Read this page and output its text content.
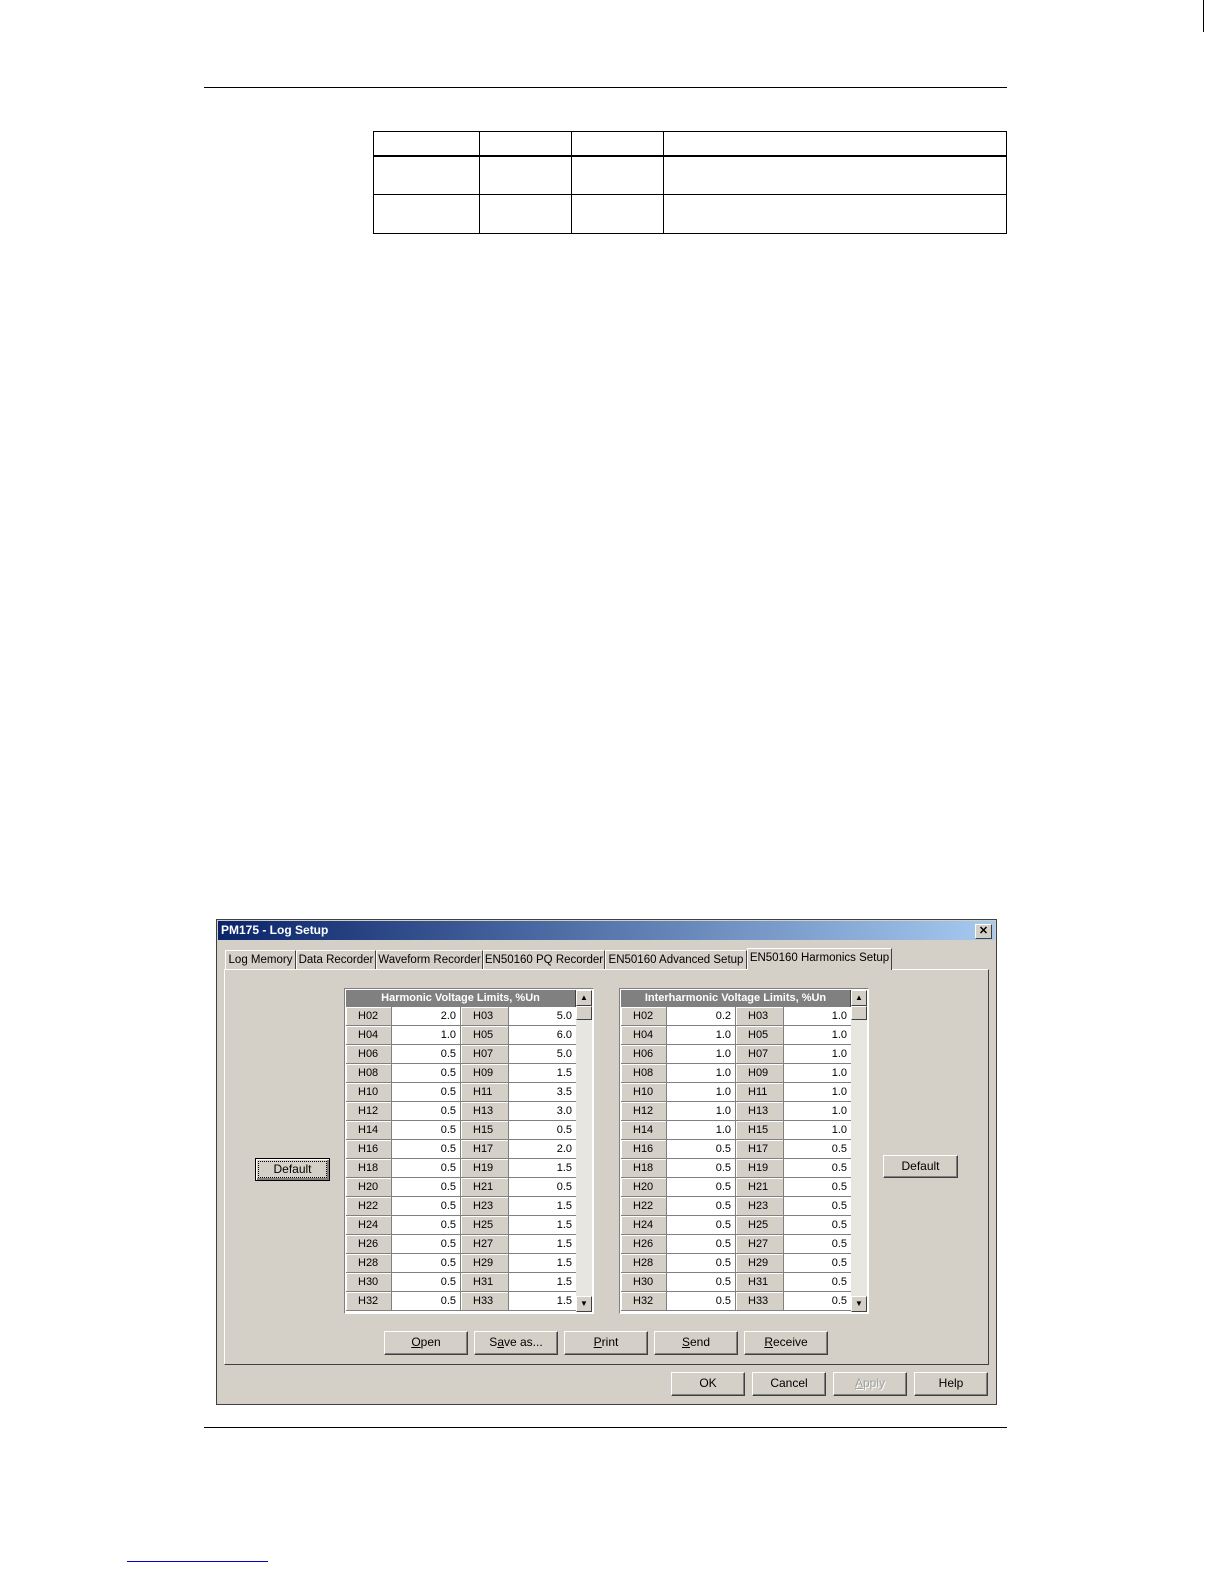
PM175 - Log Setup	✕
Log Memory Data Recorder Waveform Recorder EN50160 PQ Recorder EN50160 Advanced Setup EN50160 Harmonics Setup
Default	Default
Harmonic Voltage Limits, %Un
H02	2.0	H03	5.0
H04	1.0	H05	6.0
H06	0.5	H07	5.0
H08	0.5	H09	1.5
H10	0.5	H11	3.5
H12	0.5	H13	3.0
H14	0.5	H15	0.5
H16	0.5	H17	2.0
H18	0.5	H19	1.5
H20	0.5	H21	0.5
H22	0.5	H23	1.5
H24	0.5	H25	1.5
H26	0.5	H27	1.5
H28	0.5	H29	1.5
H30	0.5	H31	1.5
H32	0.5	H33	1.5
▲
▼
Interharmonic Voltage Limits, %Un
H02	0.2	H03	1.0
H04	1.0	H05	1.0
H06	1.0	H07	1.0
H08	1.0	H09	1.0
H10	1.0	H11	1.0
H12	1.0	H13	1.0
H14	1.0	H15	1.0
H16	0.5	H17	0.5
H18	0.5	H19	0.5
H20	0.5	H21	0.5
H22	0.5	H23	0.5
H24	0.5	H25	0.5
H26	0.5	H27	0.5
H28	0.5	H29	0.5
H30	0.5	H31	0.5
H32	0.5	H33	0.5
▲
▼
Open	Save as...	Print	Send	Receive
OK	Cancel	Apply	Help
